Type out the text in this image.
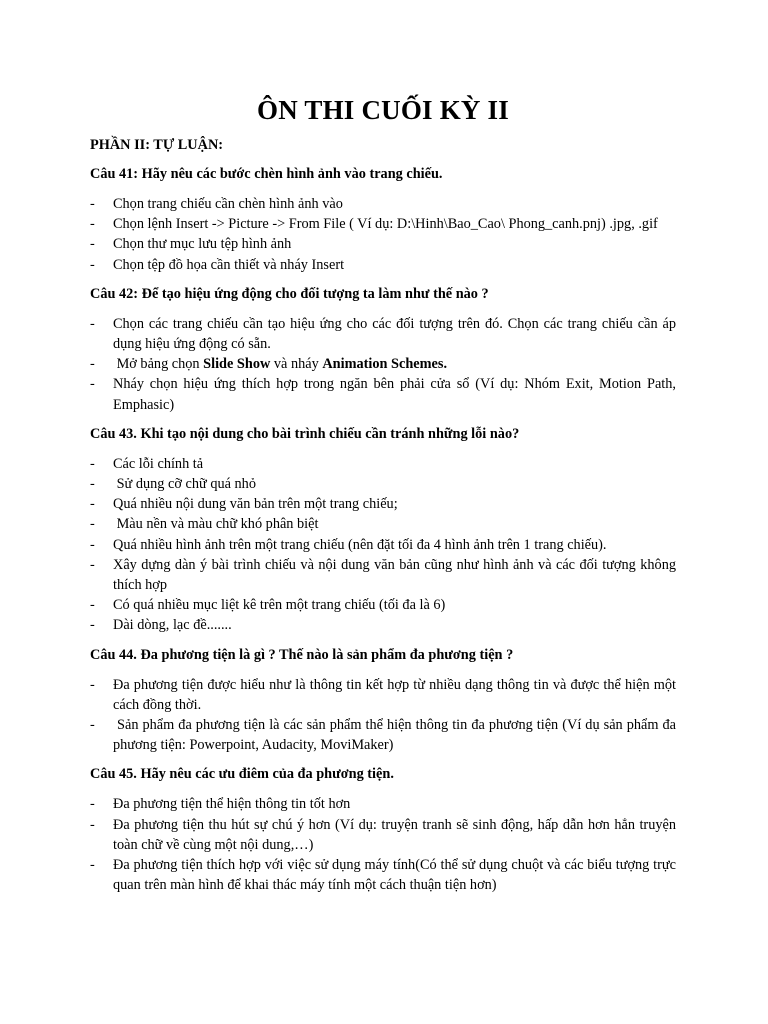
ÔN THI CUỐI KỲ II
PHẦN II: TỰ LUẬN:
Câu 41: Hãy nêu các bước chèn hình ảnh vào trang chiếu.
-	Chọn trang chiếu cần chèn hình ảnh vào
-	Chọn lệnh Insert -> Picture -> From File ( Ví dụ: D:\Hinh\Bao_Cao\ Phong_canh.pnj) .jpg, .gif
-	Chọn thư mục lưu tệp hình ảnh
-	Chọn tệp đồ họa cần thiết và nháy Insert
Câu 42: Để tạo hiệu ứng động cho đối tượng ta làm như thế nào ?
-	Chọn các trang chiếu cần tạo hiệu ứng cho các đối tượng trên đó. Chọn các trang chiếu cần áp dụng hiệu ứng động có sẵn.
-	Mở bảng chọn Slide Show và nháy Animation Schemes.
-	Nháy chọn hiệu ứng thích hợp trong ngăn bên phải cửa sổ (Ví dụ: Nhóm Exit, Motion Path, Emphasic)
Câu 43. Khi tạo nội dung cho bài trình chiếu cần tránh những lỗi nào?
-	Các lỗi chính tả
-	Sử dụng cỡ chữ quá nhỏ
-	Quá nhiều nội dung văn bản trên một trang chiếu;
-	Màu nền và màu chữ khó phân biệt
-	Quá nhiều hình ảnh trên một trang chiếu (nên đặt tối đa 4 hình ảnh trên 1 trang chiếu).
-	Xây dựng dàn ý bài trình chiếu và nội dung văn bản cũng như hình ảnh và các đối tượng không thích hợp
-	Có quá nhiều mục liệt kê trên một trang chiếu (tối đa là 6)
-	Dài dòng, lạc đề.......
Câu 44. Đa phương tiện là gì ? Thế nào là sản phẩm đa phương tiện ?
-	Đa phương tiện được hiểu như là thông tin kết hợp từ nhiều dạng thông tin và được thể hiện một cách đồng thời.
-	Sản phẩm đa phương tiện là các sản phẩm thể hiện thông tin đa phương tiện (Ví dụ sản phẩm đa phương tiện: Powerpoint, Audacity, MoviMaker)
Câu 45. Hãy nêu các ưu điêm của đa phương tiện.
-	Đa phương tiện thể hiện thông tin tốt hơn
-	Đa phương tiện thu hút sự chú ý hơn (Ví dụ: truyện tranh sẽ sinh động, hấp dẫn hơn hẳn truyện toàn chữ về cùng một nội dung,…)
-	Đa phương tiện thích hợp với việc sử dụng máy tính(Có thể sử dụng chuột và các biểu tượng trực quan trên màn hình để khai thác máy tính một cách thuận tiện hơn)
